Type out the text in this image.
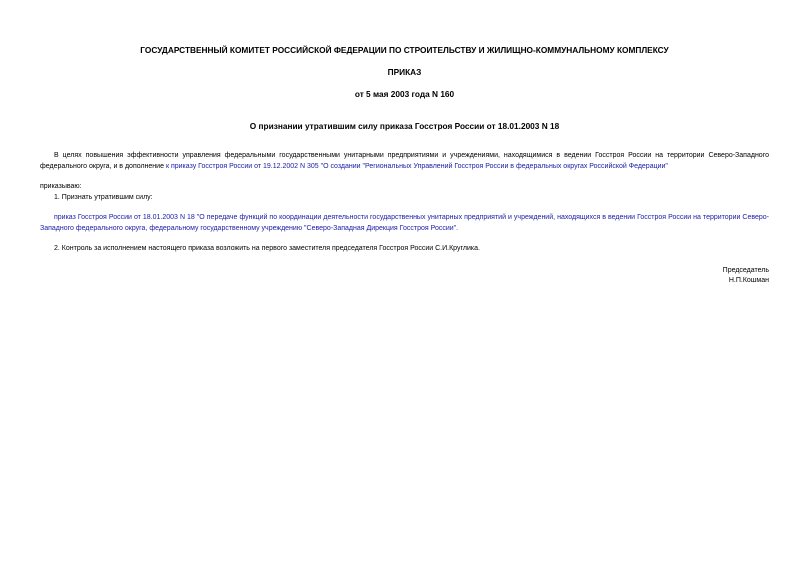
ГОСУДАРСТВЕННЫЙ КОМИТЕТ РОССИЙСКОЙ ФЕДЕРАЦИИ ПО СТРОИТЕЛЬСТВУ И ЖИЛИЩНО-КОММУНАЛЬНОМУ КОМПЛЕКСУ
ПРИКАЗ
от 5 мая 2003 года N 160
О признании утратившим силу приказа Госстроя России от 18.01.2003 N 18
В целях повышения эффективности управления федеральными государственными унитарными предприятиями и учреждениями, находящимися в ведении Госстроя России на территории Северо-Западного федерального округа, и в дополнение к приказу Госстроя России от 19.12.2002 N 305 "О создании "Региональных Управлений Госстроя России в федеральных округах Российской Федерации"
приказываю:
1. Признать утратившим силу:
приказ Госстроя России от 18.01.2003 N 18 "О передаче функций по координации деятельности государственных унитарных предприятий и учреждений, находящихся в ведении Госстроя России на территории Северо-Западного федерального округа, федеральному государственному учреждению "Северо-Западная Дирекция Госстроя России".
2. Контроль за исполнением настоящего приказа возложить на первого заместителя председателя Госстроя России С.И.Круглика.
Председатель
Н.П.Кошман
